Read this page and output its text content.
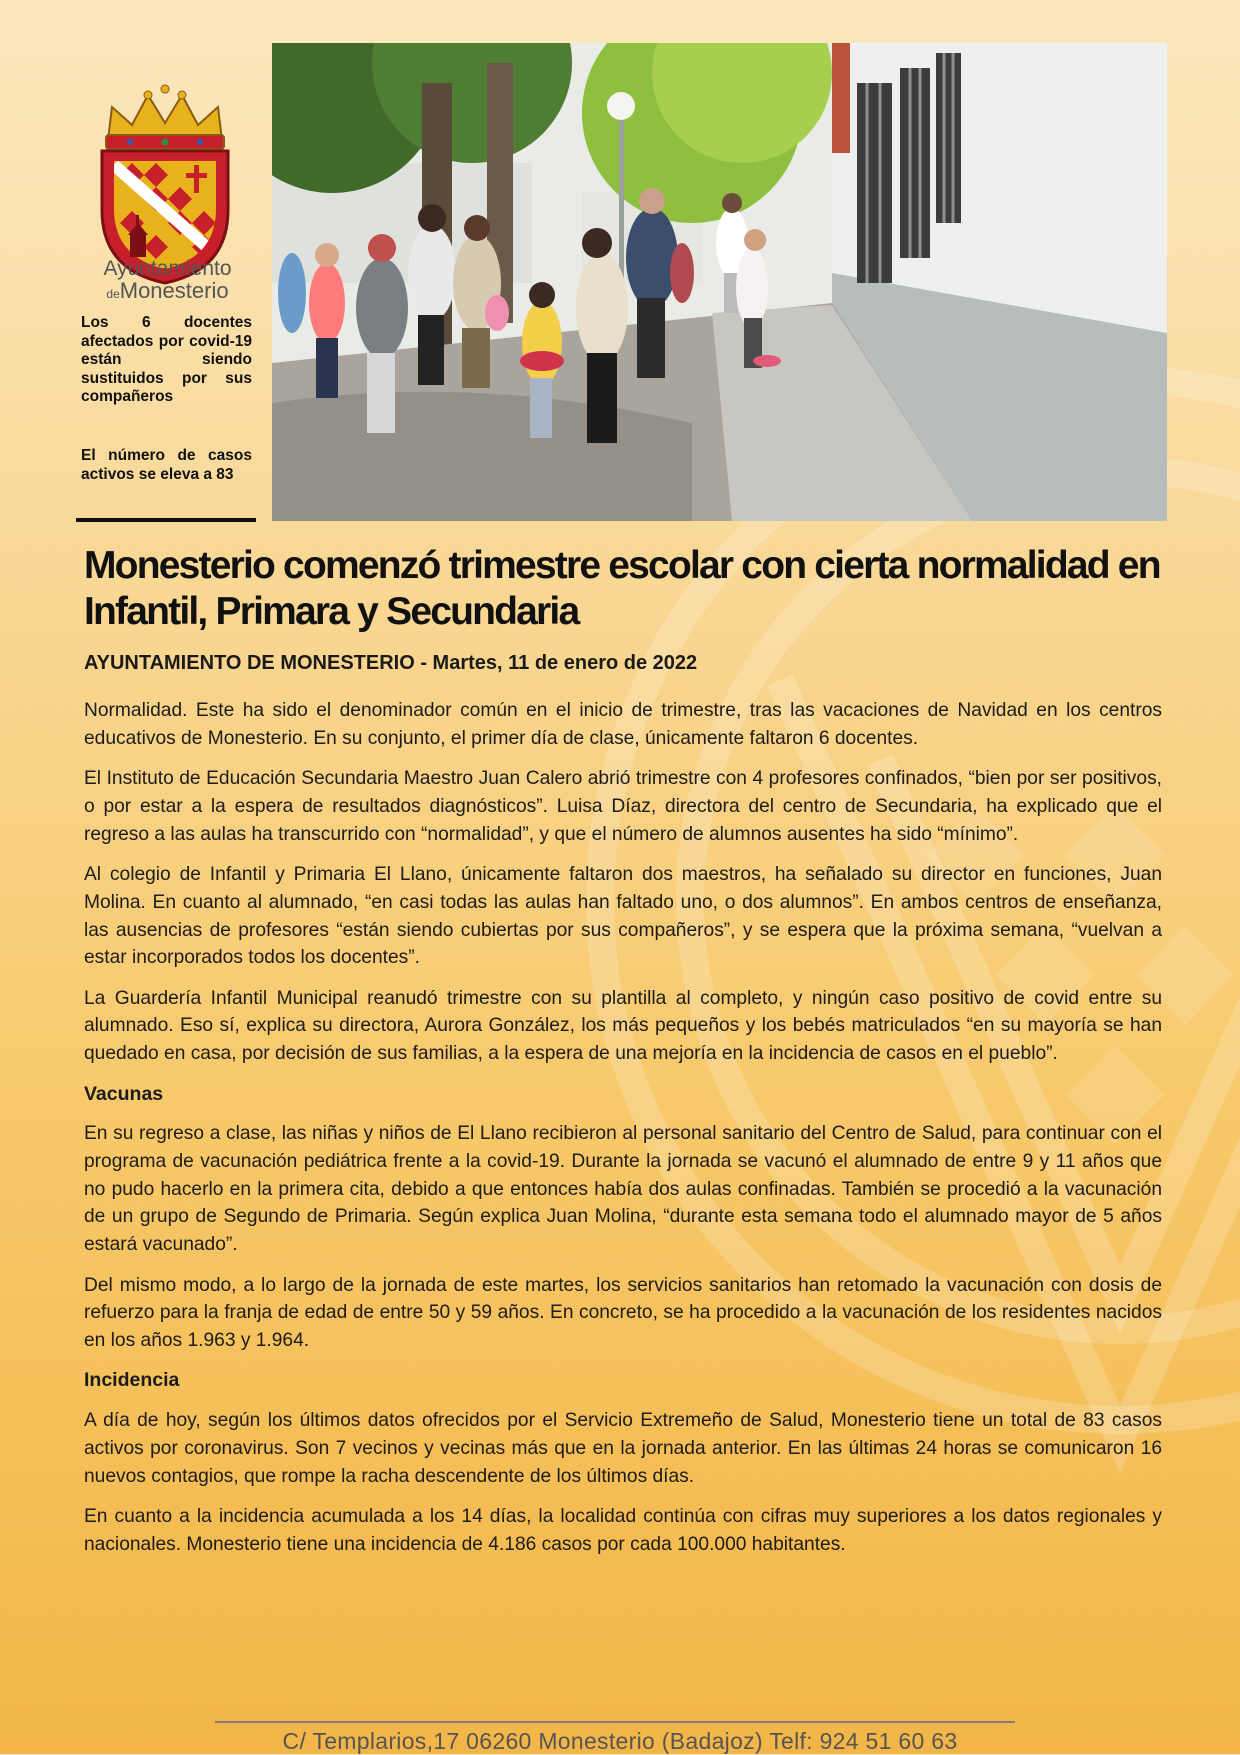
Ayuntamiento
deMonesterio
Los 6 docentes afectados por covid-19 están siendo sustituidos por sus compañeros
El número de casos activos se eleva a 83
Monesterio comenzó trimestre escolar con cierta normalidad en Infantil, Primara y Secundaria

AYUNTAMIENTO DE MONESTERIO - Martes, 11 de enero de 2022

Normalidad. Este ha sido el denominador común en el inicio de trimestre, tras las vacaciones de Navidad en los centros educativos de Monesterio. En su conjunto, el primer día de clase, únicamente faltaron 6 docentes.

El Instituto de Educación Secundaria Maestro Juan Calero abrió trimestre con 4 profesores confinados, “bien por ser positivos, o por estar a la espera de resultados diagnósticos”. Luisa Díaz, directora del centro de Secundaria, ha explicado que el regreso a las aulas ha transcurrido con “normalidad”, y que el número de alumnos ausentes ha sido “mínimo”.

Al colegio de Infantil y Primaria El Llano, únicamente faltaron dos maestros, ha señalado su director en funciones, Juan Molina. En cuanto al alumnado, “en casi todas las aulas han faltado uno, o dos alumnos”. En ambos centros de enseñanza, las ausencias de profesores “están siendo cubiertas por sus compañeros”, y se espera que la próxima semana, “vuelvan a estar incorporados todos los docentes”.

La Guardería Infantil Municipal reanudó trimestre con su plantilla al completo, y ningún caso positivo de covid entre su alumnado. Eso sí, explica su directora, Aurora González, los más pequeños y los bebés matriculados “en su mayoría se han quedado en casa, por decisión de sus familias, a la espera de una mejoría en la incidencia de casos en el pueblo”.

Vacunas

En su regreso a clase, las niñas y niños de El Llano recibieron al personal sanitario del Centro de Salud, para continuar con el programa de vacunación pediátrica frente a la covid-19. Durante la jornada se vacunó el alumnado de entre 9 y 11 años que no pudo hacerlo en la primera cita, debido a que entonces había dos aulas confinadas. También se procedió a la vacunación de un grupo de Segundo de Primaria. Según explica Juan Molina, “durante esta semana todo el alumnado mayor de 5 años estará vacunado”.

Del mismo modo, a lo largo de la jornada de este martes, los servicios sanitarios han retomado la vacunación con dosis de refuerzo para la franja de edad de entre 50 y 59 años. En concreto, se ha procedido a la vacunación de los residentes nacidos en los años 1.963 y 1.964.

Incidencia

A día de hoy, según los últimos datos ofrecidos por el Servicio Extremeño de Salud, Monesterio tiene un total de 83 casos activos por coronavirus. Son 7 vecinos y vecinas más que en la jornada anterior. En las últimas 24 horas se comunicaron 16 nuevos contagios, que rompe la racha descendente de los últimos días.

En cuanto a la incidencia acumulada a los 14 días, la localidad continúa con cifras muy superiores a los datos regionales y nacionales. Monesterio tiene una incidencia de 4.186 casos por cada 100.000 habitantes.

C/ Templarios,17 06260 Monesterio (Badajoz) Telf: 924 51 60 63
